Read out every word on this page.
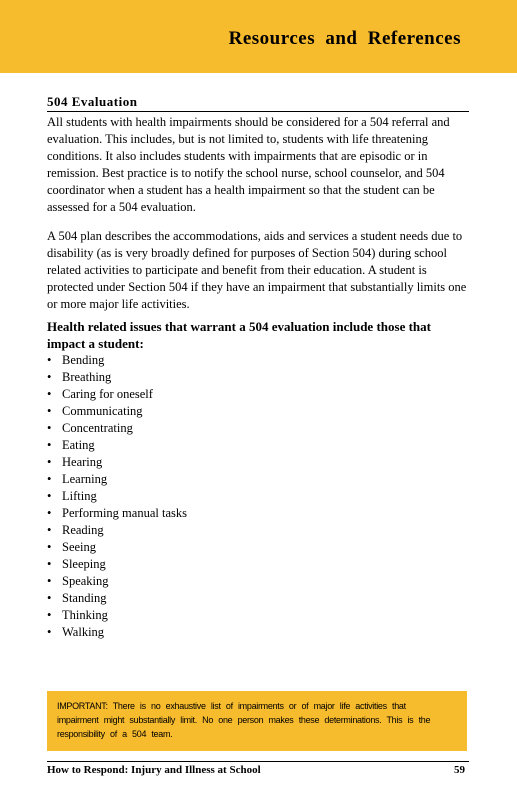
Resources and References
504 Evaluation
All students with health impairments should be considered for a 504 referral and evaluation. This includes, but is not limited to, students with life threatening conditions. It also includes students with impairments that are episodic or in remission. Best practice is to notify the school nurse, school counselor, and 504 coordinator when a student has a health impairment so that the student can be assessed for a 504 evaluation.
A 504 plan describes the accommodations, aids and services a student needs due to disability (as is very broadly defined for purposes of Section 504) during school related activities to participate and benefit from their education. A student is protected under Section 504 if they have an impairment that substantially limits one or more major life activities.
Health related issues that warrant a 504 evaluation include those that impact a student:
• Bending
• Breathing
• Caring for oneself
• Communicating
• Concentrating
• Eating
• Hearing
• Learning
• Lifting
• Performing manual tasks
• Reading
• Seeing
• Sleeping
• Speaking
• Standing
• Thinking
• Walking
IMPORTANT: There is no exhaustive list of impairments or of major life activities that impairment might substantially limit. No one person makes these determinations. This is the responsibility of a 504 team.
How to Respond: Injury and Illness at School	59
